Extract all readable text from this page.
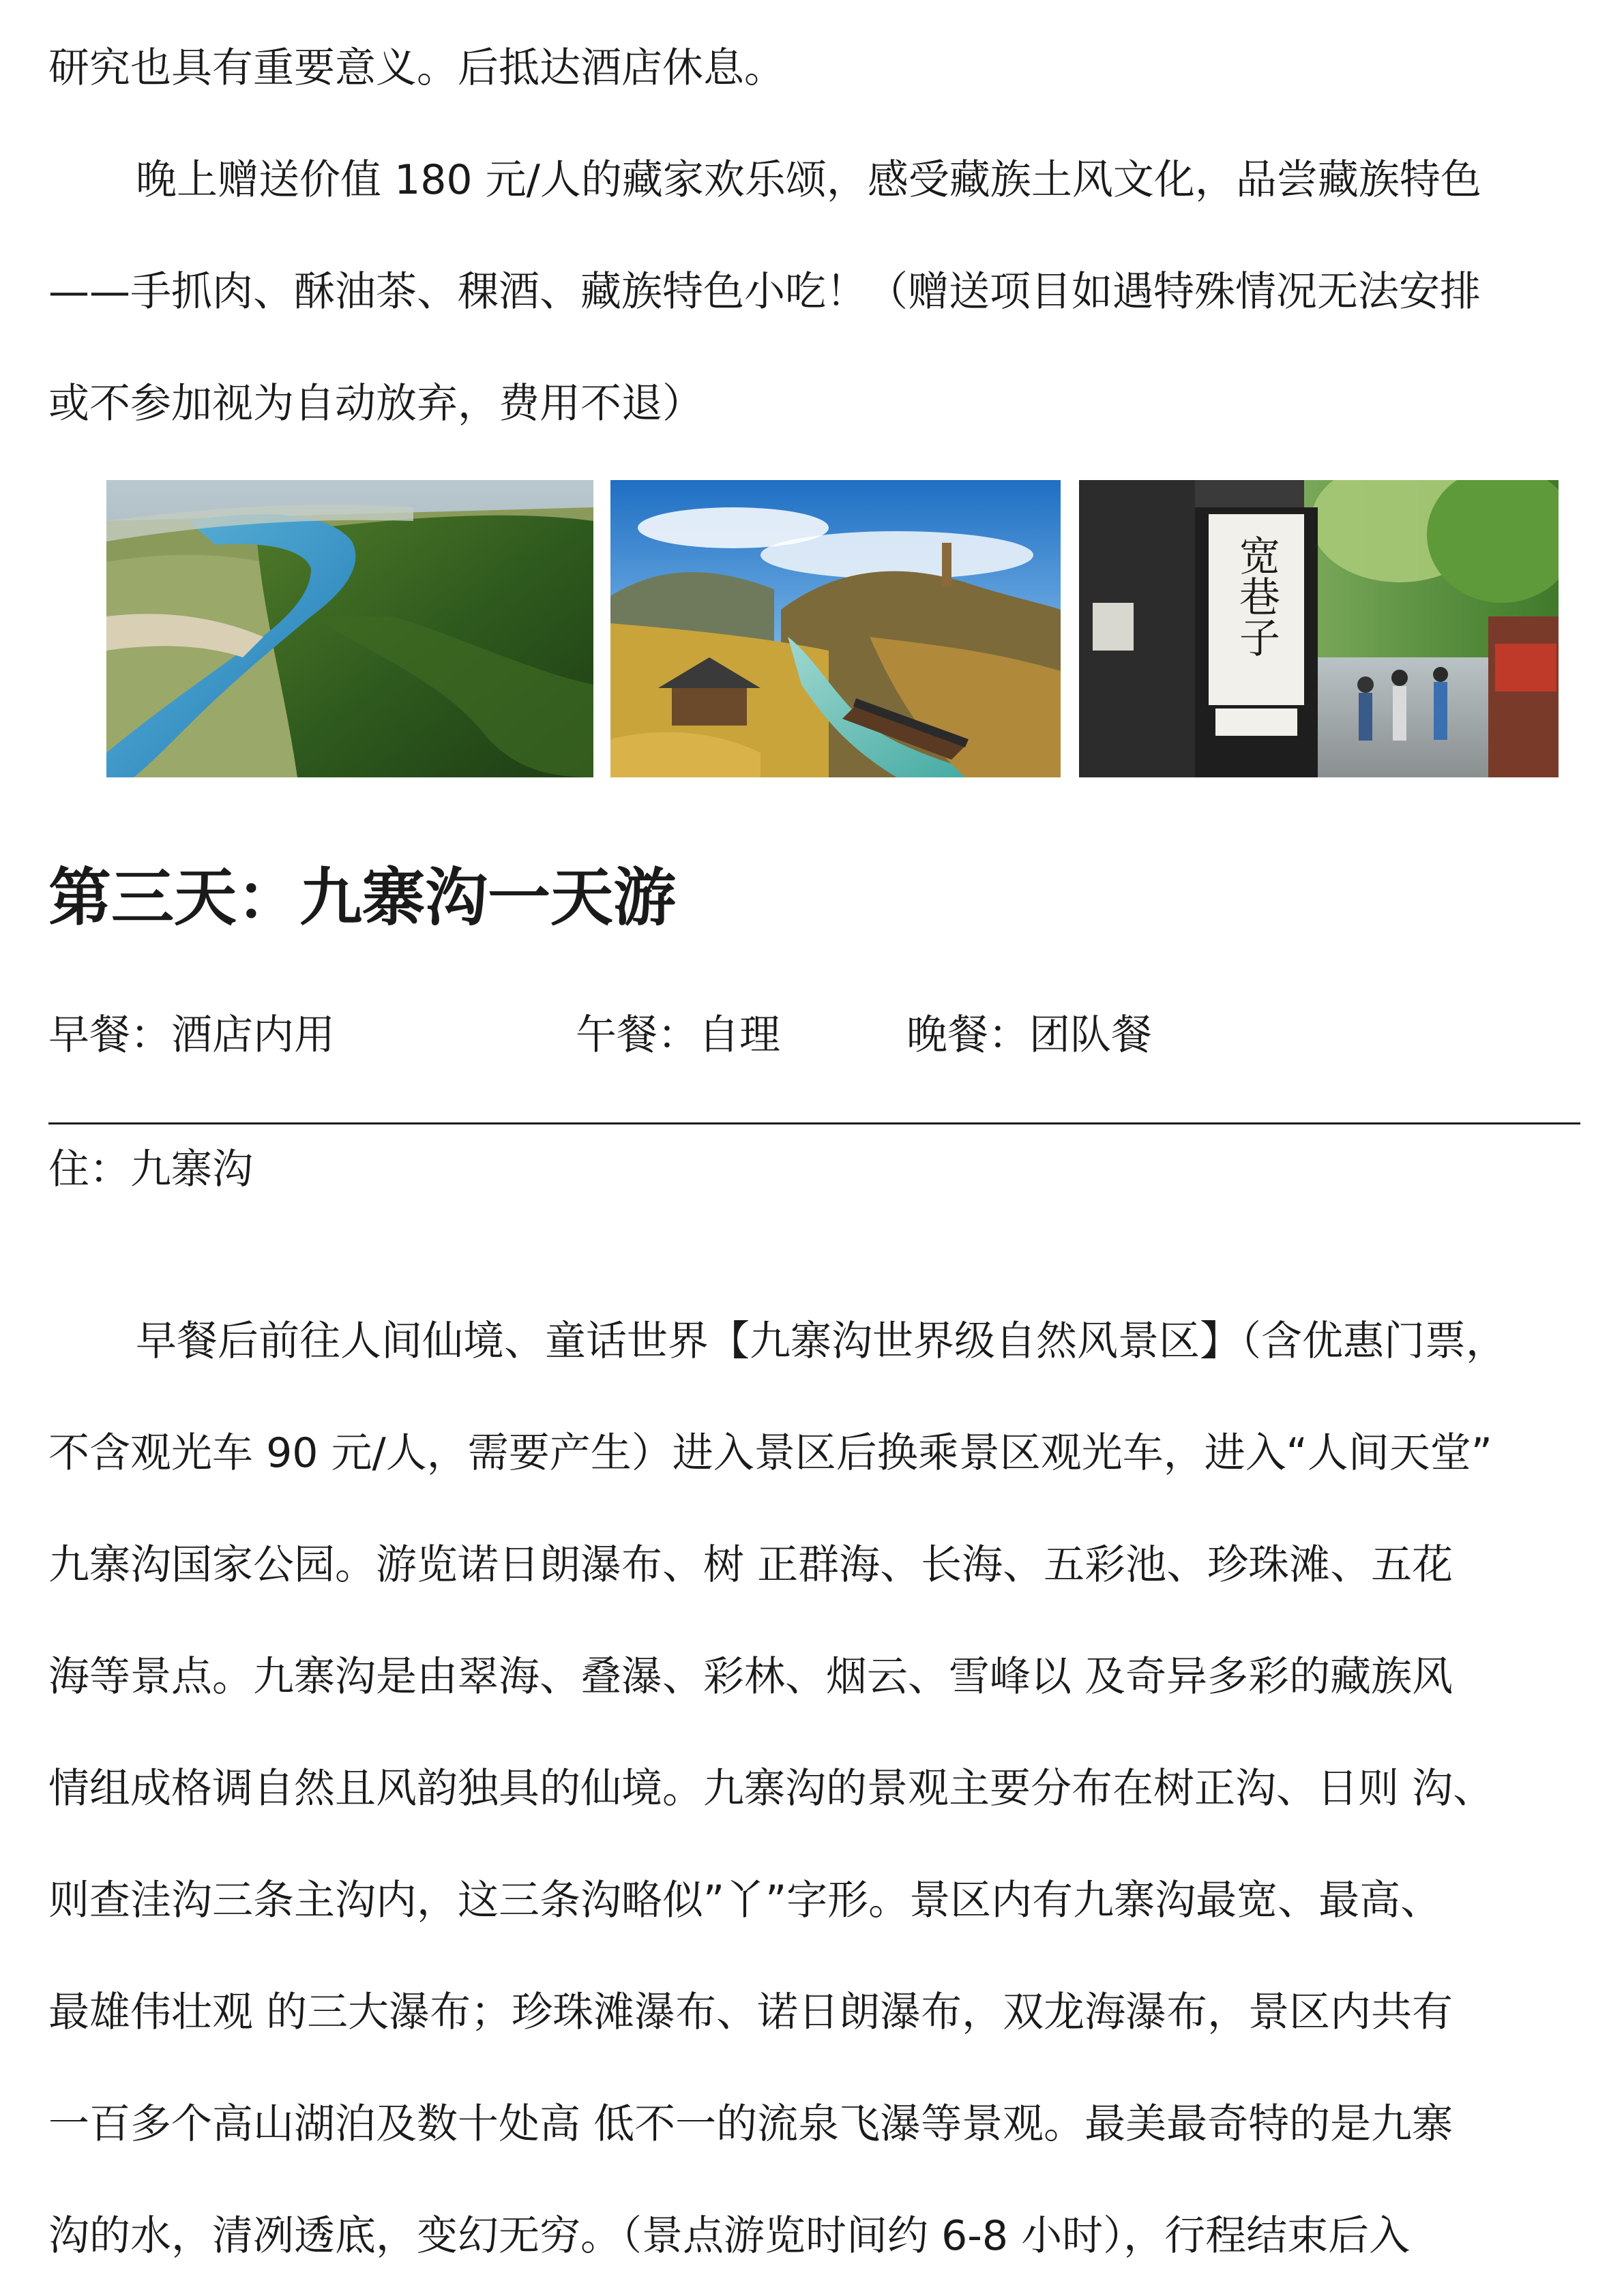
研究也具有重要意义。后抵达酒店休息。
晚上赠送价值 180 元/人的藏家欢乐颂，感受藏族土风文化，品尝藏族特色
——手抓肉、酥油茶、稞酒、藏族特色小吃！（赠送项目如遇特殊情况无法安排
或不参加视为自动放弃，费用不退）
宽巷子
第三天：九寨沟一天游
早餐：酒店内用	午餐：自理	晚餐：团队餐
住：九寨沟
早餐后前往人间仙境、童话世界【九寨沟世界级自然风景区】（含优惠门票，
不含观光车 90 元/人，需要产生）进入景区后换乘景区观光车，进入“人间天堂”
九寨沟国家公园。游览诺日朗瀑布、树 正群海、长海、五彩池、珍珠滩、五花
海等景点。九寨沟是由翠海、叠瀑、彩林、烟云、雪峰以 及奇异多彩的藏族风
情组成格调自然且风韵独具的仙境。九寨沟的景观主要分布在树正沟、日则 沟、
则查洼沟三条主沟内，这三条沟略似”丫”字形。景区内有九寨沟最宽、最高、
最雄伟壮观 的三大瀑布；珍珠滩瀑布、诺日朗瀑布，双龙海瀑布，景区内共有
一百多个高山湖泊及数十处高 低不一的流泉飞瀑等景观。最美最奇特的是九寨
沟的水，清冽透底，变幻无穷。（景点游览时间约 6-8 小时），行程结束后入
